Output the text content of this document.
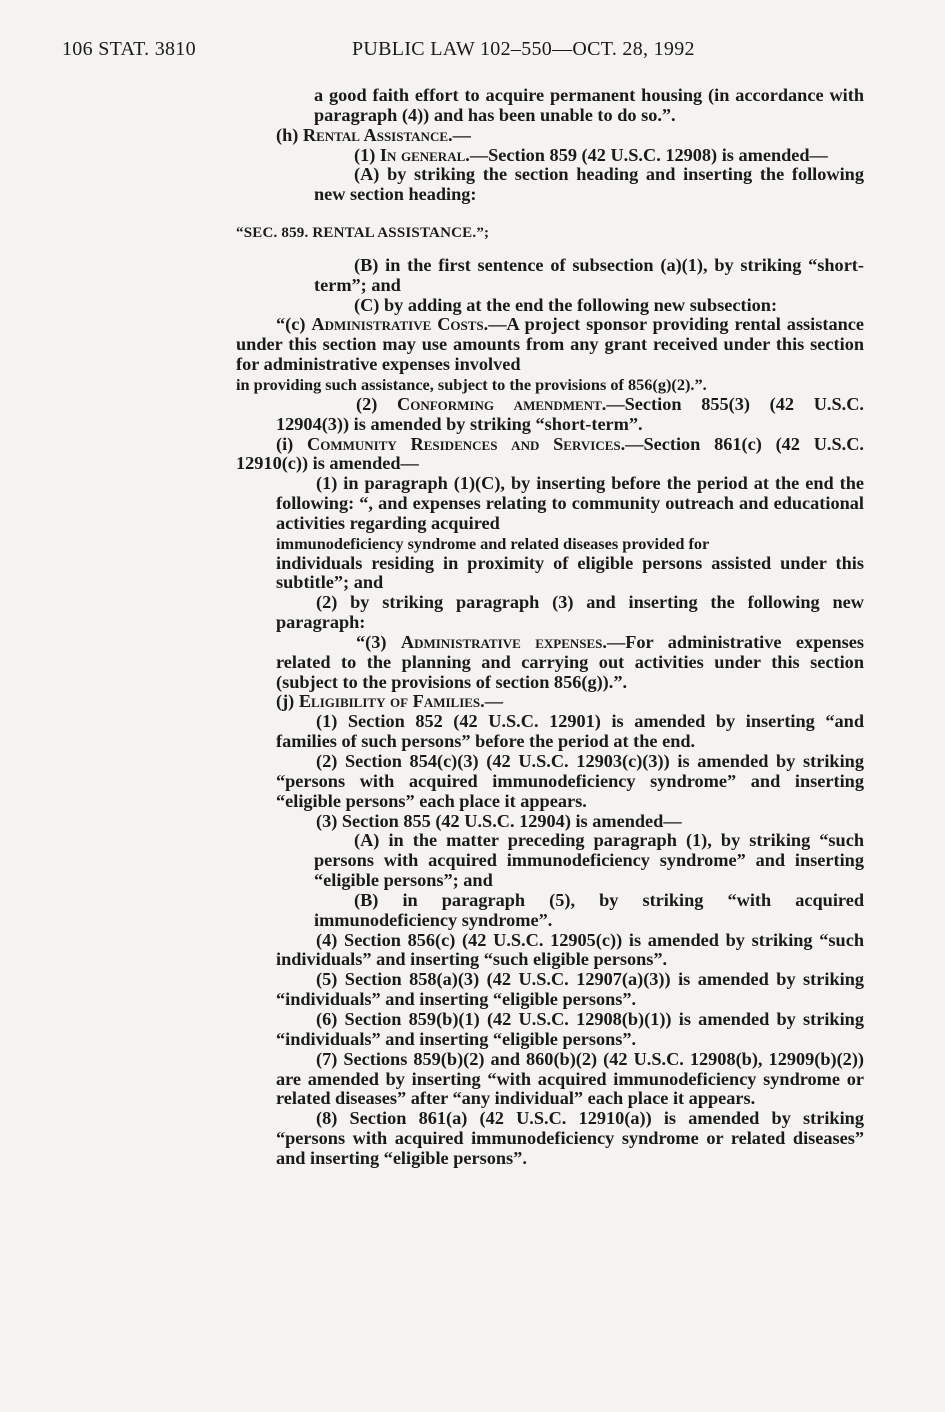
106 STAT. 3810	PUBLIC LAW 102–550—OCT. 28, 1992

a good faith effort to acquire permanent housing (in accordance with paragraph (4)) and has been unable to do so.”.

(h) Rental Assistance.—

(1) In general.—Section 859 (42 U.S.C. 12908) is amended—

(A) by striking the section heading and inserting the following new section heading:

“SEC. 859. RENTAL ASSISTANCE.”;

(B) in the first sentence of subsection (a)(1), by striking “short-term”; and

(C) by adding at the end the following new subsection:

“(c) Administrative Costs.—A project sponsor providing rental assistance under this section may use amounts from any grant received under this section for administrative expenses involved

in providing such assistance, subject to the provisions of 856(g)(2).”.

(2) Conforming amendment.—Section 855(3) (42 U.S.C. 12904(3)) is amended by striking “short-term”.

(i) Community Residences and Services.—Section 861(c) (42 U.S.C. 12910(c)) is amended—

(1) in paragraph (1)(C), by inserting before the period at the end the following: “, and expenses relating to community outreach and educational activities regarding acquired

immunodeficiency syndrome and related diseases provided for

individuals residing in proximity of eligible persons assisted under this subtitle”; and

(2) by striking paragraph (3) and inserting the following new paragraph:

“(3) Administrative expenses.—For administrative expenses related to the planning and carrying out activities under this section (subject to the provisions of section 856(g)).”.

(j) Eligibility of Families.—

(1) Section 852 (42 U.S.C. 12901) is amended by inserting “and families of such persons” before the period at the end.

(2) Section 854(c)(3) (42 U.S.C. 12903(c)(3)) is amended by striking “persons with acquired immunodeficiency syndrome” and inserting “eligible persons” each place it appears.

(3) Section 855 (42 U.S.C. 12904) is amended—

(A) in the matter preceding paragraph (1), by striking “such persons with acquired immunodeficiency syndrome” and inserting “eligible persons”; and

(B) in paragraph (5), by striking “with acquired immunodeficiency syndrome”.

(4) Section 856(c) (42 U.S.C. 12905(c)) is amended by striking “such individuals” and inserting “such eligible persons”.

(5) Section 858(a)(3) (42 U.S.C. 12907(a)(3)) is amended by striking “individuals” and inserting “eligible persons”.

(6) Section 859(b)(1) (42 U.S.C. 12908(b)(1)) is amended by striking “individuals” and inserting “eligible persons”.

(7) Sections 859(b)(2) and 860(b)(2) (42 U.S.C. 12908(b), 12909(b)(2)) are amended by inserting “with acquired immunodeficiency syndrome or related diseases” after “any individual” each place it appears.

(8) Section 861(a) (42 U.S.C. 12910(a)) is amended by striking “persons with acquired immunodeficiency syndrome or related diseases” and inserting “eligible persons”.
